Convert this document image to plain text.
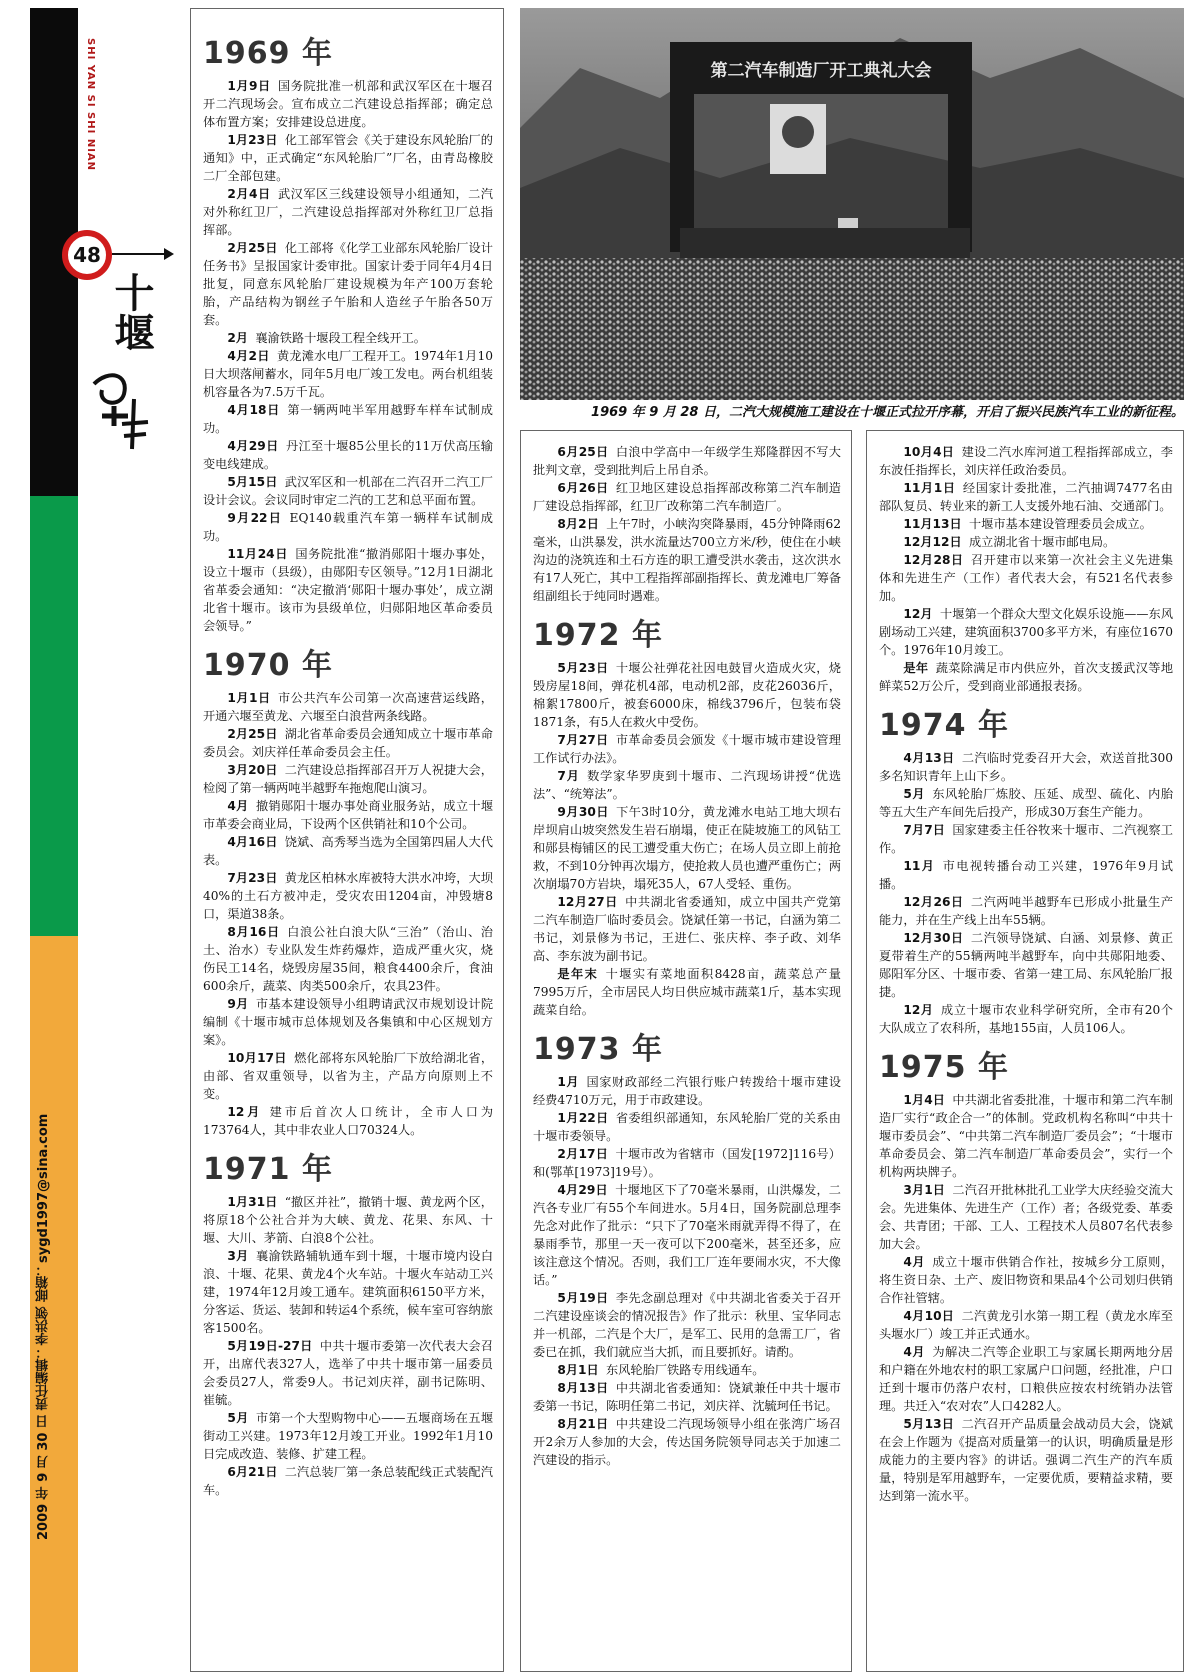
SHI YAN SI SHI NIAN
48
十堰
2009 年 9 月 30 日 责任编辑：李洪领 邮箱：sygd1997@sina.com
第二汽车制造厂开工典礼大会
1969 年 9 月 28 日，二汽大规模施工建设在十堰正式拉开序幕，开启了振兴民族汽车工业的新征程。
1969 年

1月9日 国务院批准一机部和武汉军区在十堰召开二汽现场会。宣布成立二汽建设总指挥部；确定总体布置方案；安排建设总进度。

1月23日 化工部军管会《关于建设东风轮胎厂的通知》中，正式确定“东风轮胎厂”厂名，由青岛橡胶二厂全部包建。

2月4日 武汉军区三线建设领导小组通知，二汽对外称红卫厂，二汽建设总指挥部对外称红卫厂总指挥部。

2月25日 化工部将《化学工业部东风轮胎厂设计任务书》呈报国家计委审批。国家计委于同年4月4日批复，同意东风轮胎厂建设规模为年产100万套轮胎，产品结构为钢丝子午胎和人造丝子午胎各50万套。

2月 襄渝铁路十堰段工程全线开工。

4月2日 黄龙滩水电厂工程开工。1974年1月10日大坝落闸蓄水，同年5月电厂竣工发电。两台机组装机容量各为7.5万千瓦。

4月18日 第一辆两吨半军用越野车样车试制成功。

4月29日 丹江至十堰85公里长的11万伏高压输变电线建成。

5月15日 武汉军区和一机部在二汽召开二汽工厂设计会议。会议同时审定二汽的工艺和总平面布置。

9月22日 EQ140载重汽车第一辆样车试制成功。

11月24日 国务院批准“撤消郧阳十堰办事处，设立十堰市（县级），由郧阳专区领导。”12月1日湖北省革委会通知：“决定撤消‘郧阳十堰办事处’，成立湖北省十堰市。该市为县级单位，归郧阳地区革命委员会领导。”

1970 年

1月1日 市公共汽车公司第一次高速营运线路，开通六堰至黄龙、六堰至白浪营两条线路。

2月25日 湖北省革命委员会通知成立十堰市革命委员会。刘庆祥任革命委员会主任。

3月20日 二汽建设总指挥部召开万人祝捷大会，检阅了第一辆两吨半越野车拖炮爬山演习。

4月 撤销郧阳十堰办事处商业服务站，成立十堰市革委会商业局，下设两个区供销社和10个公司。

4月16日 饶斌、高秀琴当选为全国第四届人大代表。

7月23日 黄龙区柏林水库被特大洪水冲垮，大坝40%的土石方被冲走，受灾农田1204亩，冲毁塘8口，渠道38条。

8月16日 白浪公社白浪大队“三治”（治山、治土、治水）专业队发生炸药爆炸，造成严重火灾，烧伤民工14名，烧毁房屋35间，粮食4400余斤，食油600余斤，蔬菜、肉类500余斤，农具23件。

9月 市基本建设领导小组聘请武汉市规划设计院编制《十堰市城市总体规划及各集镇和中心区规划方案》。

10月17日 燃化部将东风轮胎厂下放给湖北省，由部、省双重领导，以省为主，产品方向原则上不变。

12月 建市后首次人口统计，全市人口为173764人，其中非农业人口70324人。

1971 年

1月31日 “撤区并社”，撤销十堰、黄龙两个区，将原18个公社合并为大峡、黄龙、花果、东风、十堰、大川、茅箭、白浪8个公社。

3月 襄渝铁路辅轨通车到十堰，十堰市境内设白浪、十堰、花果、黄龙4个火车站。十堰火车站动工兴建，1974年12月竣工通车。建筑面积6150平方米，分客运、货运、装卸和转运4个系统，候车室可容纳旅客1500名。

5月19日-27日 中共十堰市委第一次代表大会召开，出席代表327人，选举了中共十堰市第一届委员会委员27人，常委9人。书记刘庆祥，副书记陈明、崔毓。

5月 市第一个大型购物中心——五堰商场在五堰街动工兴建。1973年12月竣工开业。1992年1月10日完成改造、装修、扩建工程。

6月21日 二汽总装厂第一条总装配线正式装配汽车。

6月25日 白浪中学高中一年级学生郑隆群因不写大批判文章，受到批判后上吊自杀。

6月26日 红卫地区建设总指挥部改称第二汽车制造厂建设总指挥部，红卫厂改称第二汽车制造厂。

8月2日 上午7时，小峡沟突降暴雨，45分钟降雨62毫米，山洪暴发，洪水流量达700立方米/秒，使住在小峡沟边的浇筑连和土石方连的职工遭受洪水袭击，这次洪水有17人死亡，其中工程指挥部副指挥长、黄龙滩电厂筹备组副组长于纯同时遇难。

1972 年

5月23日 十堰公社弹花社因电鼓冒火造成火灾，烧毁房屋18间，弹花机4部，电动机2部，皮花26036斤，棉絮17800斤，被套6000床，棉线3796斤，包装布袋1871条，有5人在救火中受伤。

7月27日 市革命委员会颁发《十堰市城市建设管理工作试行办法》。

7月 数学家华罗庚到十堰市、二汽现场讲授“优选法”、“统筹法”。

9月30日 下午3时10分，黄龙滩水电站工地大坝右岸坝肩山坡突然发生岩石崩塌，使正在陡坡施工的风钻工和郧县梅铺区的民工遭受重大伤亡；在场人员立即上前抢救，不到10分钟再次塌方，使抢救人员也遭严重伤亡；两次崩塌70方岩块，塌死35人，67人受轻、重伤。

12月27日 中共湖北省委通知，成立中国共产党第二汽车制造厂临时委员会。饶斌任第一书记，白涵为第二书记，刘景修为书记，王进仁、张庆梓、李子政、刘华高、李东波为副书记。

是年末 十堰实有菜地面积8428亩，蔬菜总产量7995万斤，全市居民人均日供应城市蔬菜1斤，基本实现蔬菜自给。

1973 年

1月 国家财政部经二汽银行账户转拨给十堰市建设经费4710万元，用于市政建设。

1月22日 省委组织部通知，东风轮胎厂党的关系由十堰市委领导。

2月17日 十堰市改为省辖市（国发[1972]116号）和(鄂革[1973]19号）。

4月29日 十堰地区下了70毫米暴雨，山洪爆发，二汽各专业厂有55个车间进水。5月4日，国务院副总理李先念对此作了批示：“只下了70毫米雨就弄得不得了，在暴雨季节，那里一天一夜可以下200毫米，甚至还多，应该注意这个情况。否则，我们工厂连年要闹水灾，不大像话。”

5月19日 李先念副总理对《中共湖北省委关于召开二汽建设座谈会的情况报告》作了批示：秋里、宝华同志并一机部，二汽是个大厂，是军工、民用的急需工厂，省委已在抓，我们就应当大抓，而且要抓好。请酌。

8月1日 东风轮胎厂铁路专用线通车。

8月13日 中共湖北省委通知：饶斌兼任中共十堰市委第一书记，陈明任第二书记，刘庆祥、沈毓珂任书记。

8月21日 中共建设二汽现场领导小组在张湾广场召开2余万人参加的大会，传达国务院领导同志关于加速二汽建设的指示。

10月4日 建设二汽水库河道工程指挥部成立，李东波任指挥长，刘庆祥任政治委员。

11月1日 经国家计委批准，二汽抽调7477名由部队复员、转业来的新工人支援外地石油、交通部门。

11月13日 十堰市基本建设管理委员会成立。

12月12日 成立湖北省十堰市邮电局。

12月28日 召开建市以来第一次社会主义先进集体和先进生产（工作）者代表大会，有521名代表参加。

12月 十堰第一个群众大型文化娱乐设施——东风剧场动工兴建，建筑面积3700多平方米，有座位1670个。1976年10月竣工。

是年 蔬菜除满足市内供应外，首次支援武汉等地鲜菜52万公斤，受到商业部通报表扬。

1974 年

4月13日 二汽临时党委召开大会，欢送首批300多名知识青年上山下乡。

5月 东风轮胎厂炼胶、压延、成型、硫化、内胎等五大生产车间先后投产，形成30万套生产能力。

7月7日 国家建委主任谷牧来十堰市、二汽视察工作。

11月 市电视转播台动工兴建，1976年9月试播。

12月26日 二汽两吨半越野车已形成小批量生产能力，并在生产线上出车55辆。

12月30日 二汽领导饶斌、白涵、刘景修、黄正夏带着生产的55辆两吨半越野车，向中共郧阳地委、郧阳军分区、十堰市委、省第一建工局、东风轮胎厂报捷。

12月 成立十堰市农业科学研究所，全市有20个大队成立了农科所，基地155亩，人员106人。

1975 年

1月4日 中共湖北省委批准，十堰市和第二汽车制造厂实行“政企合一”的体制。党政机构名称叫“中共十堰市委员会”、“中共第二汽车制造厂委员会”；“十堰市革命委员会、第二汽车制造厂革命委员会”，实行一个机构两块牌子。

3月1日 二汽召开批林批孔工业学大庆经验交流大会。先进集体、先进生产（工作）者；各级党委、革委会、共青团；干部、工人、工程技术人员807名代表参加大会。

4月 成立十堰市供销合作社，按城乡分工原则，将生资日杂、土产、废旧物资和果品4个公司划归供销合作社管辖。

4月10日 二汽黄龙引水第一期工程（黄龙水库至头堰水厂）竣工并正式通水。

4月 为解决二汽等企业职工与家属长期两地分居和户籍在外地农村的职工家属户口问题，经批准，户口迁到十堰市仍落户农村，口粮供应按农村统销办法管理。共迁入“农对农”人口4282人。

5月13日 二汽召开产品质量会战动员大会，饶斌在会上作题为《提高对质量第一的认识，明确质量是形成能力的主要内容》的讲话。强调二汽生产的汽车质量，特别是军用越野车，一定要优质，要精益求精，要达到第一流水平。
